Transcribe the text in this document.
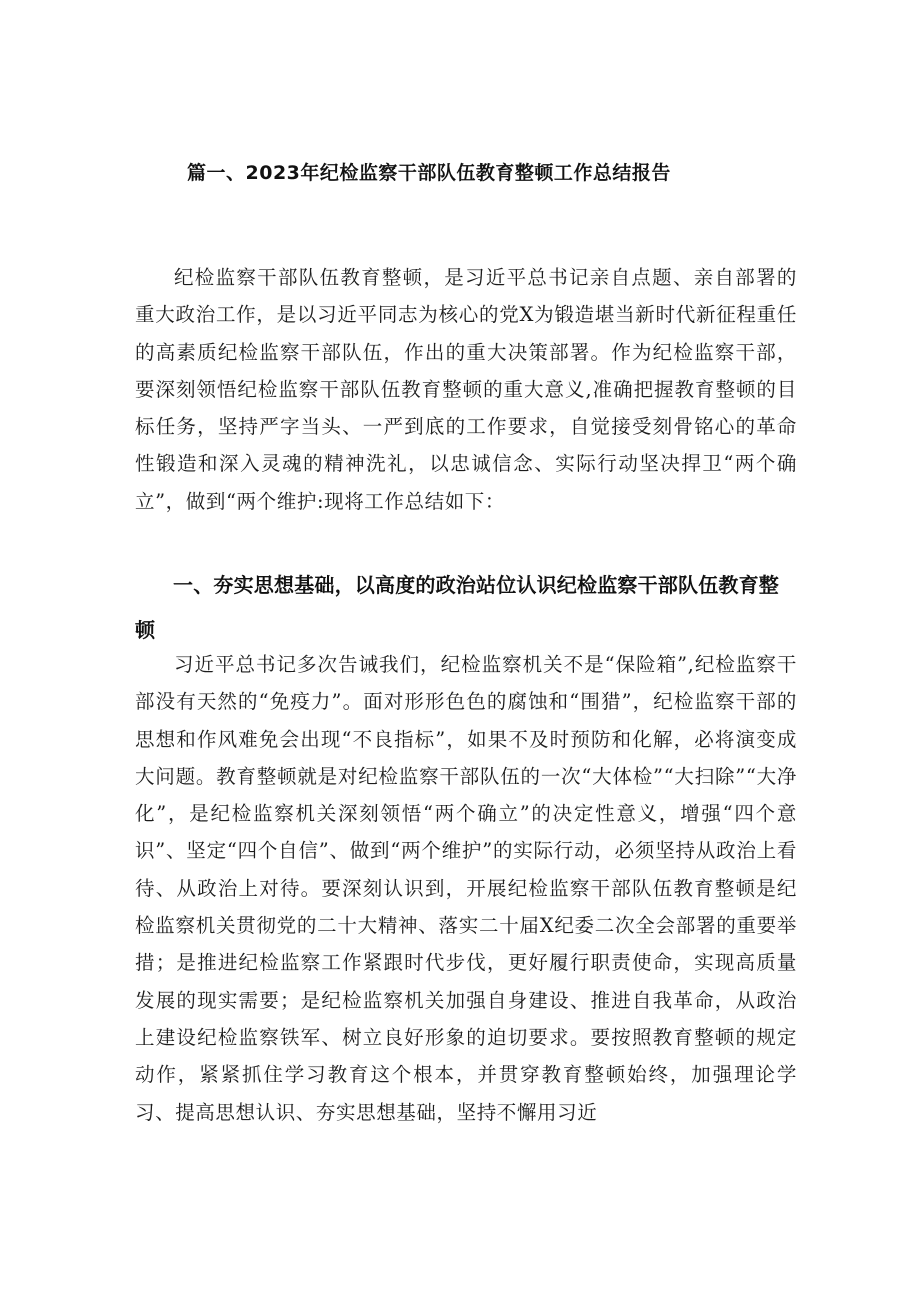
篇一、2023年纪检监察干部队伍教育整顿工作总结报告

纪检监察干部队伍教育整顿，是习近平总书记亲自点题、亲自部署的重大政治工作，是以习近平同志为核心的党X为锻造堪当新时代新征程重任的高素质纪检监察干部队伍，作出的重大决策部署。作为纪检监察干部，要深刻领悟纪检监察干部队伍教育整顿的重大意义,准确把握教育整顿的目标任务，坚持严字当头、一严到底的工作要求，自觉接受刻骨铭心的革命性锻造和深入灵魂的精神洗礼，以忠诚信念、实际行动坚决捍卫“两个确立”，做到“两个维护:现将工作总结如下：

一、夯实思想基础，以高度的政治站位认识纪检监察干部队伍教育整顿

习近平总书记多次告诫我们，纪检监察机关不是“保险箱”,纪检监察干部没有天然的“免疫力”。面对形形色色的腐蚀和“围猎”，纪检监察干部的思想和作风难免会出现“不良指标”，如果不及时预防和化解，必将演变成大问题。教育整顿就是对纪检监察干部队伍的一次“大体检”“大扫除”“大净化”，是纪检监察机关深刻领悟“两个确立”的决定性意义，增强“四个意识”、坚定“四个自信”、做到“两个维护”的实际行动，必须坚持从政治上看待、从政治上对待。要深刻认识到，开展纪检监察干部队伍教育整顿是纪检监察机关贯彻党的二十大精神、落实二十届X纪委二次全会部署的重要举措；是推进纪检监察工作紧跟时代步伐，更好履行职责使命，实现高质量发展的现实需要；是纪检监察机关加强自身建设、推进自我革命，从政治上建设纪检监察铁军、树立良好形象的迫切要求。要按照教育整顿的规定动作，紧紧抓住学习教育这个根本，并贯穿教育整顿始终，加强理论学习、提高思想认识、夯实思想基础，坚持不懈用习近
